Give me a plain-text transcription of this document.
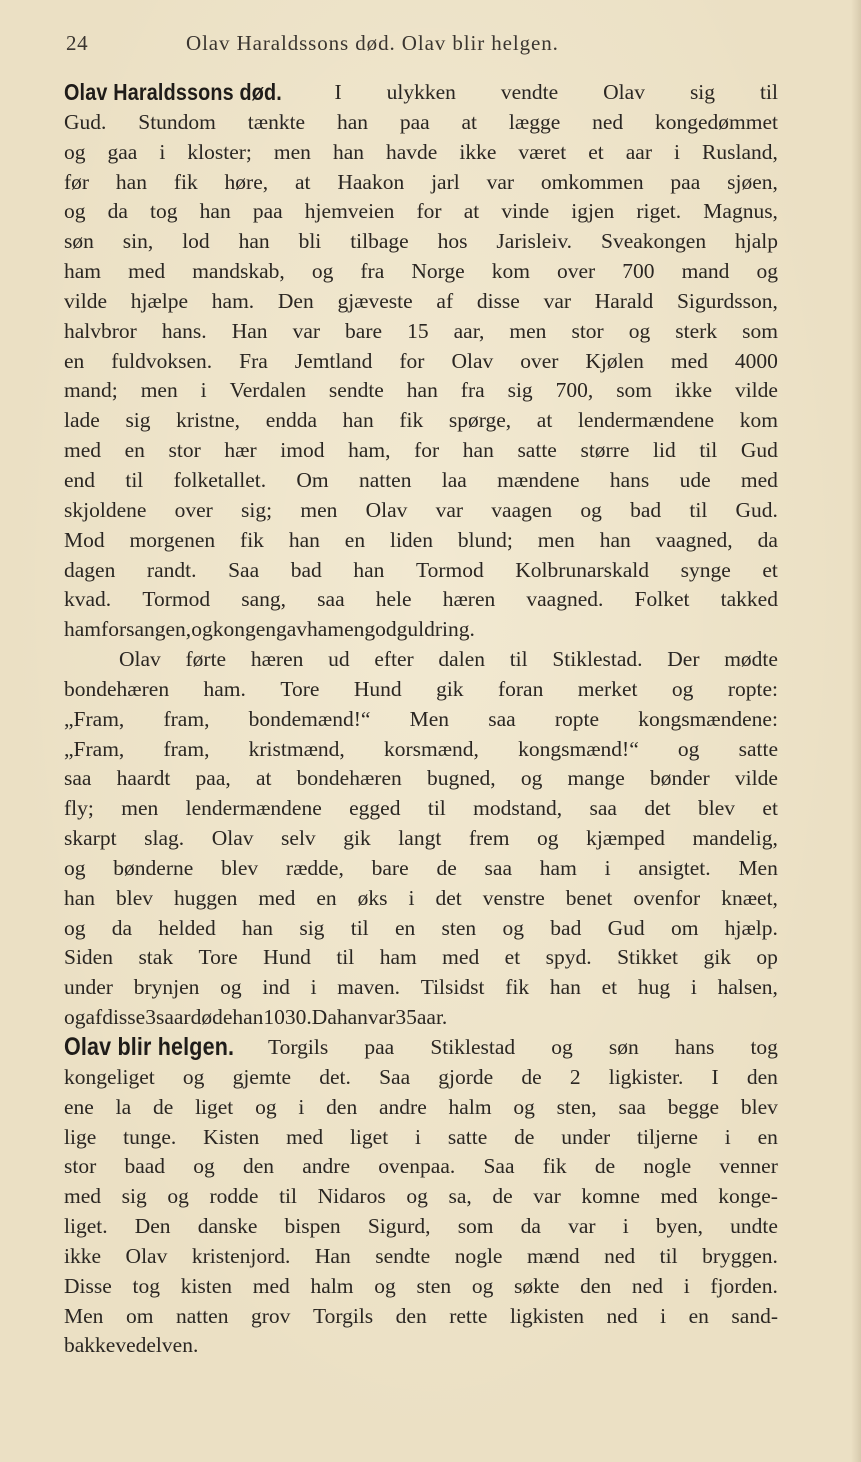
24	Olav Haraldssons død. Olav blir helgen.
Olav Haraldssons død. I ulykken vendte Olav sig til
Gud. Stundom tænkte han paa at lægge ned kongedømmet
og gaa i kloster; men han havde ikke været et aar i Rusland,
før han fik høre, at Haakon jarl var omkommen paa sjøen,
og da tog han paa hjemveien for at vinde igjen riget. Magnus,
søn sin, lod han bli tilbage hos Jarisleiv. Sveakongen hjalp
ham med mandskab, og fra Norge kom over 700 mand og
vilde hjælpe ham. Den gjæveste af disse var Harald Sigurdsson,
halvbror hans. Han var bare 15 aar, men stor og sterk som
en fuldvoksen. Fra Jemtland for Olav over Kjølen med 4000
mand; men i Verdalen sendte han fra sig 700, som ikke vilde
lade sig kristne, endda han fik spørge, at lendermændene kom
med en stor hær imod ham, for han satte større lid til Gud
end til folketallet. Om natten laa mændene hans ude med
skjoldene over sig; men Olav var vaagen og bad til Gud.
Mod morgenen fik han en liden blund; men han vaagned, da
dagen randt. Saa bad han Tormod Kolbrunarskald synge et
kvad. Tormod sang, saa hele hæren vaagned. Folket takked
ham for sangen, og kongen gav ham en god guldring.
Olav førte hæren ud efter dalen til Stiklestad. Der mødte
bondehæren ham. Tore Hund gik foran merket og ropte:
„Fram, fram, bondemænd!“ Men saa ropte kongsmændene:
„Fram, fram, kristmænd, korsmænd, kongsmænd!“ og satte
saa haardt paa, at bondehæren bugned, og mange bønder vilde
fly; men lendermændene egged til modstand, saa det blev et
skarpt slag. Olav selv gik langt frem og kjæmped mandelig,
og bønderne blev rædde, bare de saa ham i ansigtet. Men
han blev huggen med en øks i det venstre benet ovenfor knæet,
og da helded han sig til en sten og bad Gud om hjælp.
Siden stak Tore Hund til ham med et spyd. Stikket gik op
under brynjen og ind i maven. Tilsidst fik han et hug i halsen,
og af disse 3 saar døde han 1030. Da han var 35 aar.
Olav blir helgen. Torgils paa Stiklestad og søn hans tog
kongeliget og gjemte det. Saa gjorde de 2 ligkister. I den
ene la de liget og i den andre halm og sten, saa begge blev
lige tunge. Kisten med liget i satte de under tiljerne i en
stor baad og den andre ovenpaa. Saa fik de nogle venner
med sig og rodde til Nidaros og sa, de var komne med konge-
liget. Den danske bispen Sigurd, som da var i byen, undte
ikke Olav kristenjord. Han sendte nogle mænd ned til bryggen.
Disse tog kisten med halm og sten og søkte den ned i fjorden.
Men om natten grov Torgils den rette ligkisten ned i en sand-
bakke ved elven.
